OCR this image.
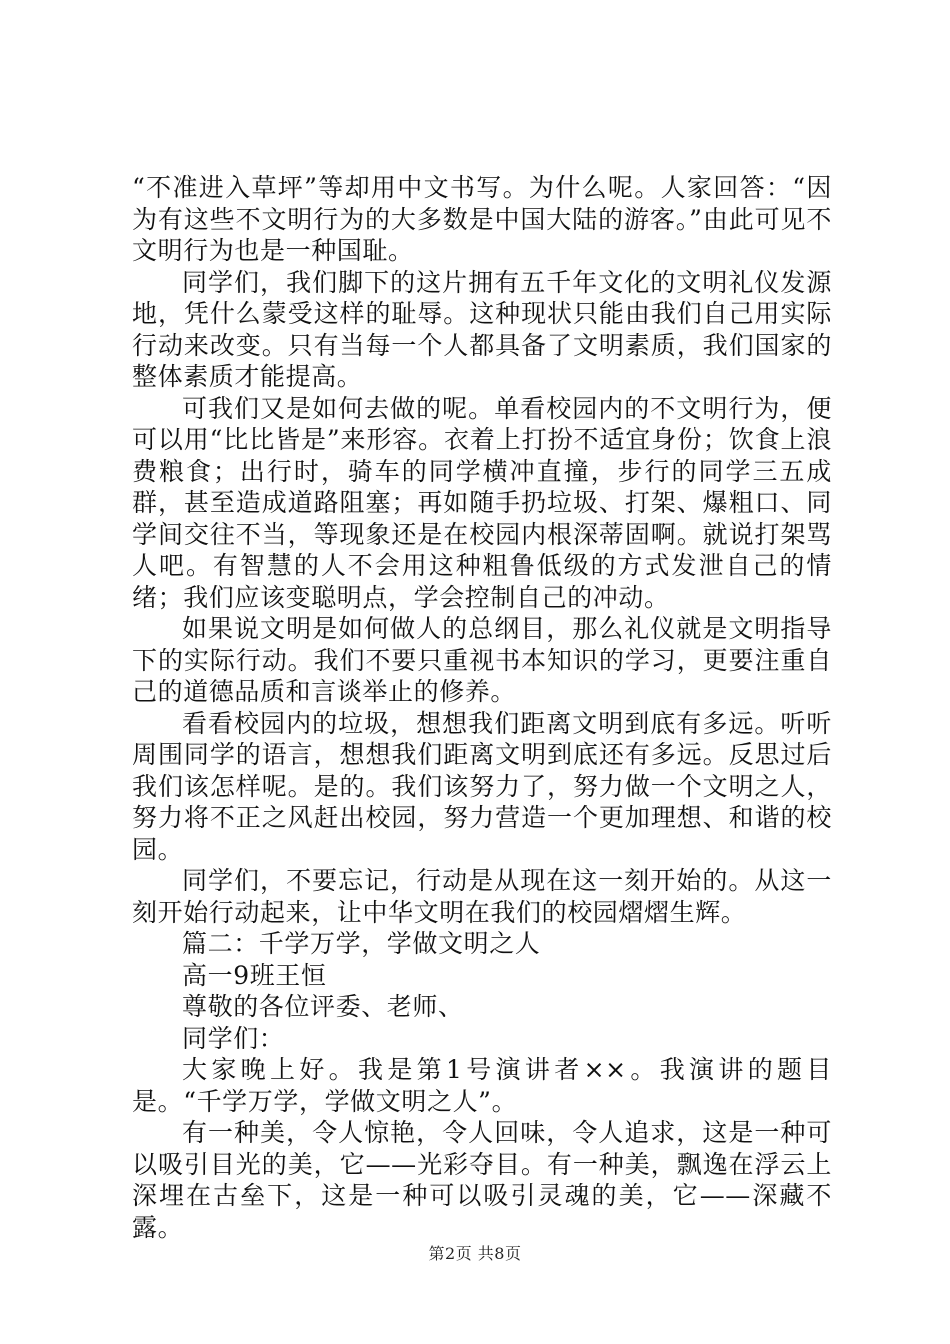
“不准进入草坪”等却用中文书写。为什么呢。人家回答：“因为有这些不文明行为的大多数是中国大陆的游客。”由此可见不文明行为也是一种国耻。

同学们，我们脚下的这片拥有五千年文化的文明礼仪发源地，凭什么蒙受这样的耻辱。这种现状只能由我们自己用实际行动来改变。只有当每一个人都具备了文明素质，我们国家的整体素质才能提高。

可我们又是如何去做的呢。单看校园内的不文明行为，便可以用“比比皆是”来形容。衣着上打扮不适宜身份；饮食上浪费粮食；出行时，骑车的同学横冲直撞，步行的同学三五成群，甚至造成道路阻塞；再如随手扔垃圾、打架、爆粗口、同学间交往不当，等现象还是在校园内根深蒂固啊。就说打架骂人吧。有智慧的人不会用这种粗鲁低级的方式发泄自己的情绪；我们应该变聪明点，学会控制自己的冲动。

如果说文明是如何做人的总纲目，那么礼仪就是文明指导下的实际行动。我们不要只重视书本知识的学习，更要注重自己的道德品质和言谈举止的修养。

看看校园内的垃圾，想想我们距离文明到底有多远。听听周围同学的语言，想想我们距离文明到底还有多远。反思过后我们该怎样呢。是的。我们该努力了，努力做一个文明之人，努力将不正之风赶出校园，努力营造一个更加理想、和谐的校园。

同学们，不要忘记，行动是从现在这一刻开始的。从这一刻开始行动起来，让中华文明在我们的校园熠熠生辉。

篇二：千学万学，学做文明之人

高一9班王恒

尊敬的各位评委、老师、

同学们：

大家晚上好。我是第1号演讲者××。我演讲的题目是。“千学万学，学做文明之人”。

有一种美，令人惊艳，令人回味，令人追求，这是一种可以吸引目光的美，它——光彩夺目。有一种美，飘逸在浮云上深埋在古垒下，这是一种可以吸引灵魂的美，它——深藏不露。

第2页 共8页
